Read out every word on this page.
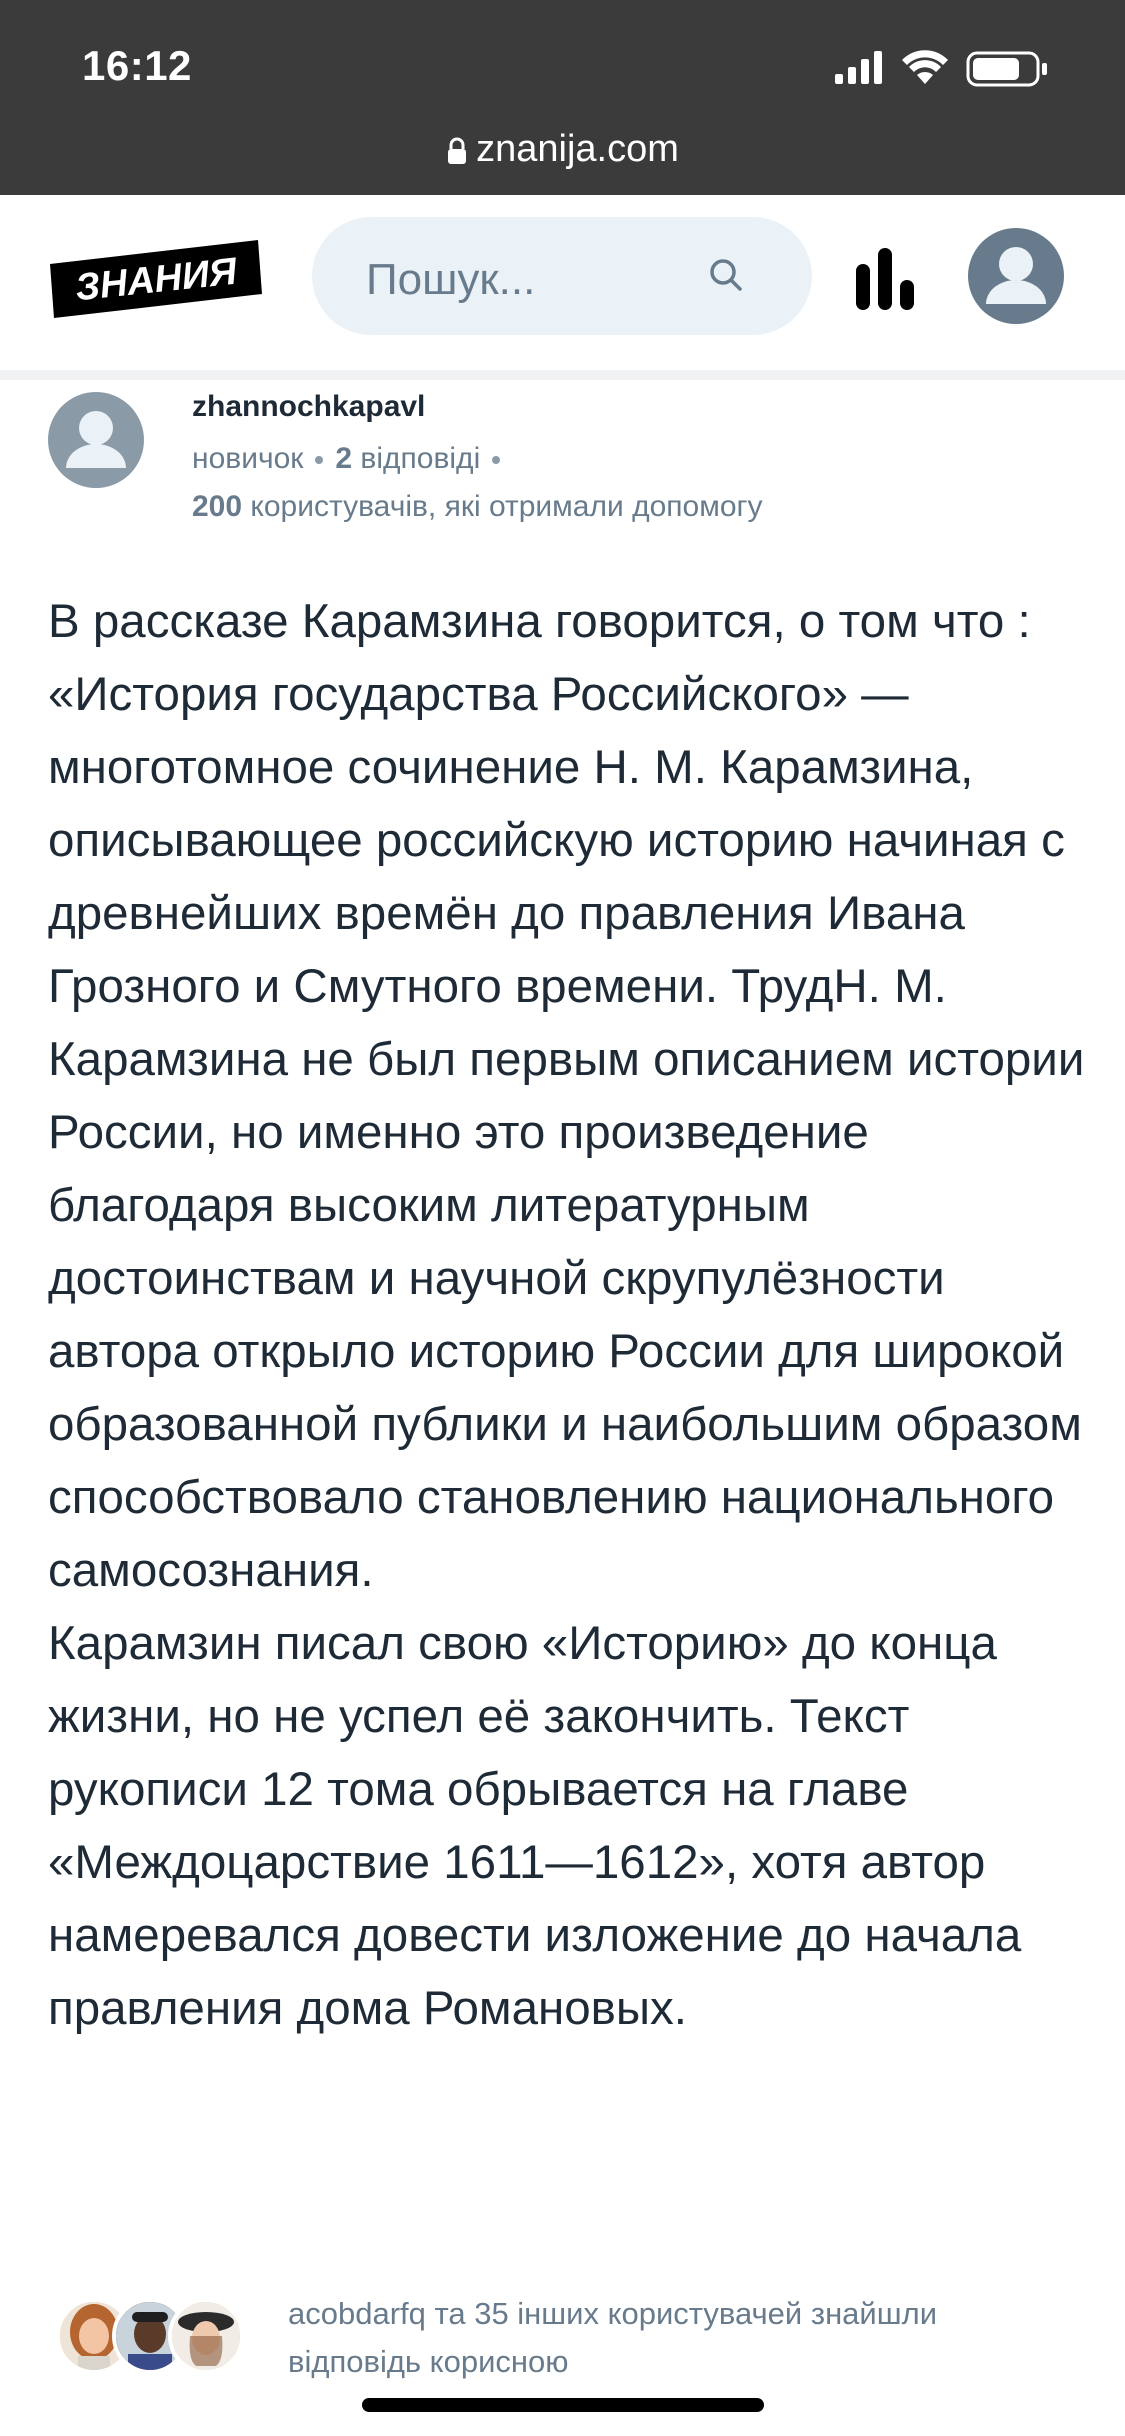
16:12
znanija.com
ЗНАНИЯ	Пошук...
zhannochkapavl
новичок 2 відповіді
200 користувачів, які отримали допомогу

В рассказе Карамзина говорится, о том что :

«История государства Российского» — многотомное сочинение Н. М. Карамзина, описывающее российскую историю начиная с древнейших времён до правления Ивана Грозного и Смутного времени. ТрудН. М. Карамзина не был первым описанием истории России, но именно это произведение благодаря высоким литературным достоинствам и научной скрупулёзности автора открыло историю России для широкой образованной публики и наибольшим образом способствовало становлению национального самосознания.

Карамзин писал свою «Историю» до конца жизни, но не успел её закончить. Текст рукописи 12 тома обрывается на главе «Междоцарствие 1611—1612», хотя автор намеревался довести изложение до начала правления дома Романовых.

acobdarfq та 35 інших користувачей знайшли відповідь корисною
